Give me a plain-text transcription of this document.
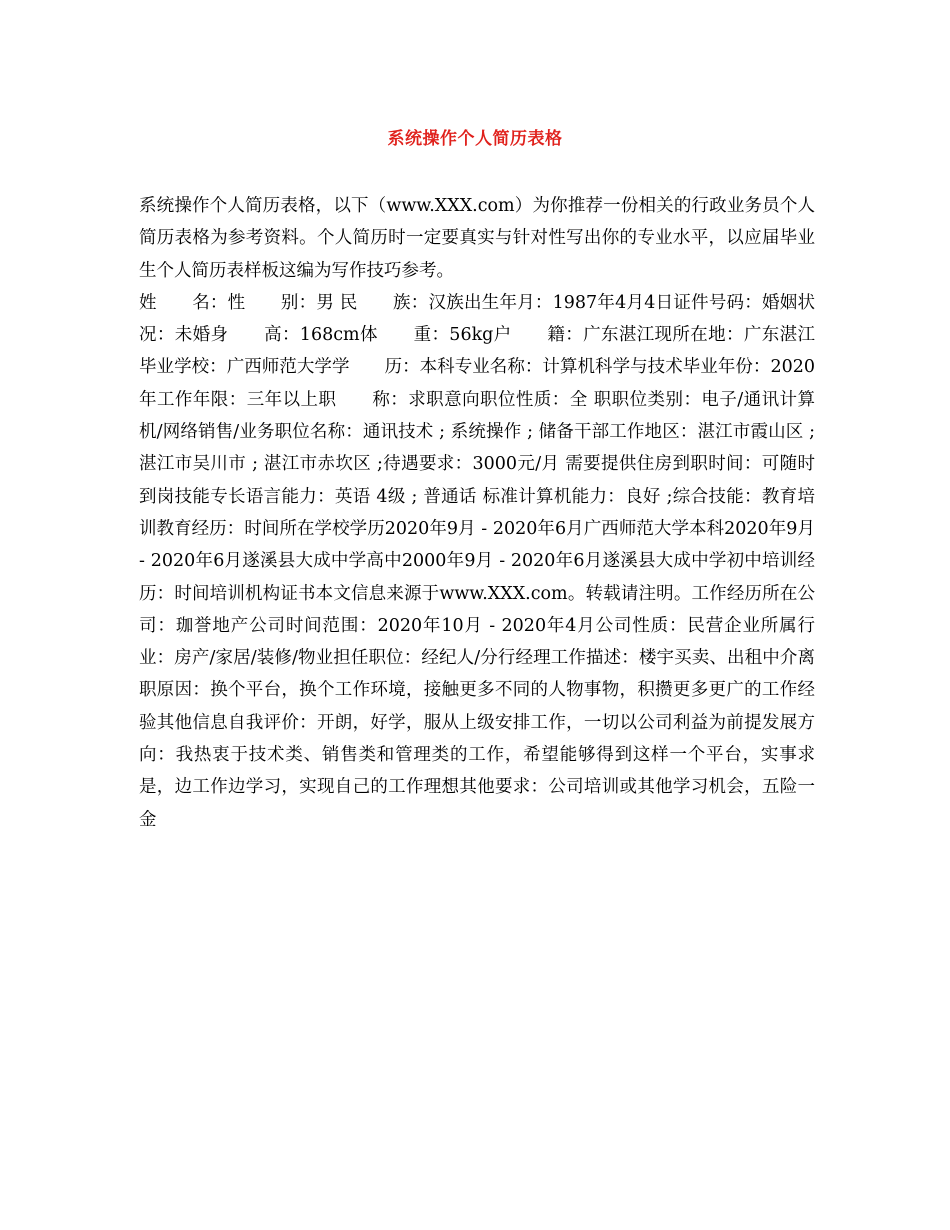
系统操作个人简历表格
系统操作个人简历表格，以下（www.XXX.com）为你推荐一份相关的行政业务员个人简历表格为参考资料。个人简历时一定要真实与针对性写出你的专业水平，以应届毕业生个人简历表样板这编为写作技巧参考。
姓　　名：性　　别：男 民　　族：汉族出生年月：1987年4月4日证件号码：婚姻状况：未婚身　　高：168cm体　　重：56kg户　　籍：广东湛江现所在地：广东湛江毕业学校：广西师范大学学　　历：本科专业名称：计算机科学与技术毕业年份：2020年工作年限：三年以上职　　称：求职意向职位性质：全 职职位类别：电子/通讯计算机/网络销售/业务职位名称：通讯技术 ; 系统操作 ; 储备干部工作地区：湛江市霞山区 ; 湛江市吴川市 ; 湛江市赤坎区 ;待遇要求：3000元/月 需要提供住房到职时间：可随时到岗技能专长语言能力：英语 4级 ; 普通话 标准计算机能力：良好 ;综合技能：教育培训教育经历：时间所在学校学历2020年9月 - 2020年6月广西师范大学本科2020年9月 - 2020年6月遂溪县大成中学高中2000年9月 - 2020年6月遂溪县大成中学初中培训经历：时间培训机构证书本文信息来源于www.XXX.com。转载请注明。工作经历所在公司：珈誉地产公司时间范围：2020年10月 - 2020年4月公司性质：民营企业所属行业：房产/家居/装修/物业担任职位：经纪人/分行经理工作描述：楼宇买卖、出租中介离职原因：换个平台，换个工作环境，接触更多不同的人物事物，积攒更多更广的工作经验其他信息自我评价：开朗，好学，服从上级安排工作，一切以公司利益为前提发展方向：我热衷于技术类、销售类和管理类的工作，希望能够得到这样一个平台，实事求是，边工作边学习，实现自己的工作理想其他要求：公司培训或其他学习机会，五险一金
